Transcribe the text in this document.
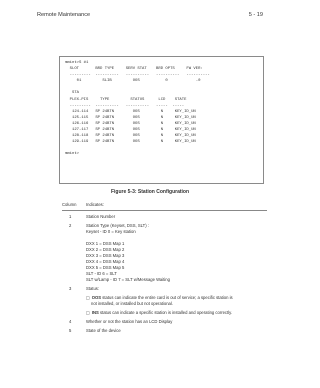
Remote Maintenance	5 - 19
mmint>S #1
SLOT       BRD TYPE     SERV STAT    BRD OPTS     FW VER:
---------  ----------   ----------   ----------   ----------
01         SLIB         OOS           0            -0
STA
PLEX-PIS     TYPE         STATUS      LCD    STATE
---------  ----------   ----------   -----  -----
124-114   SP 24BTN        OOS         N     KEY_ID_UN
125-115   SP 24BTN        OOS         N     KEY_ID_UN
126-116   SP 24BTN        OOS         N     KEY_ID_UN
127-117   SP 24BTN        OOS         N     KEY_ID_UN
128-118   SP 24BTN        OOS         N     KEY_ID_UN
129-119   SP 24BTN        OOS         N     KEY_ID_UN
mmint>
Figure 5-3: Station Configuration
Column Indicates:
1	Station Number
2	Station Type (Keyset, DSS, SLT) :
Keyset - ID 0 = Key station
DXX 1 = DSS Map 1
DXX 2 = DSS Map 2
DXX 3 = DSS Map 3
DXX 4 = DSS Map 4
DXX 5 = DSS Map 5
SLT - ID 6 = SLT
SLT w/Lamp - ID 7 = SLT w/Message Waiting
3	Status:
□ OOS status can indicate the entire card is out of service; a specific station is
not installed, or installed but not operational.
□ INS status can indicate a specific station is installed and operating correctly.
4	Whether or not the station has an LCD Display
5	State of the device
